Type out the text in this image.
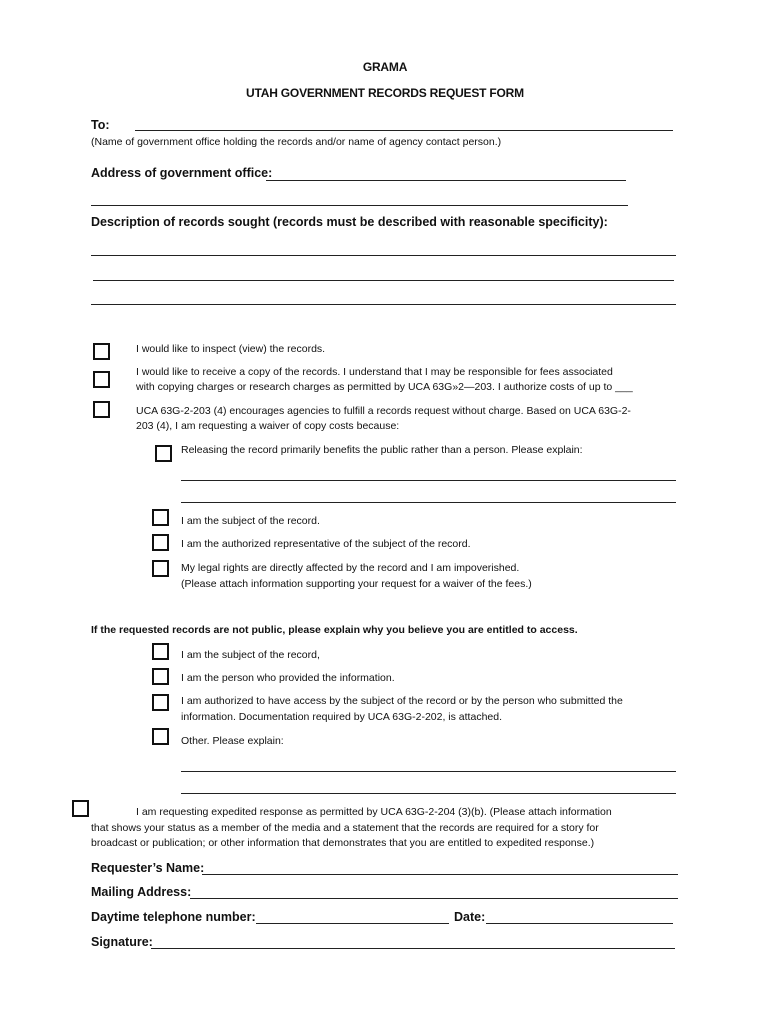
GRAMA
UTAH GOVERNMENT RECORDS REQUEST FORM
To:
(Name of government office holding the records and/or name of agency contact person.)
Address of government office:
Description of records sought (records must be described with reasonable specificity):
I would like to inspect (view) the records.
I would like to receive a copy of the records. I understand that I may be responsible for fees associated
with copying charges or research charges as permitted by UCA 63G»2—203. I authorize costs of up to ___
UCA 63G-2-203 (4) encourages agencies to fulfill a records request without charge. Based on UCA 63G-2-
203 (4), I am requesting a waiver of copy costs because:
Releasing the record primarily benefits the public rather than a person. Please explain:
I am the subject of the record.
I am the authorized representative of the subject of the record.
My legal rights are directly affected by the record and I am impoverished.
(Please attach information supporting your request for a waiver of the fees.)
If the requested records are not public, please explain why you believe you are entitled to access.
I am the subject of the record,
I am the person who provided the information.
I am authorized to have access by the subject of the record or by the person who submitted the
information. Documentation required by UCA 63G-2-202, is attached.
Other. Please explain:
I am requesting expedited response as permitted by UCA 63G-2-204 (3)(b). (Please attach information
that shows your status as a member of the media and a statement that the records are required for a story for
broadcast or publication; or other information that demonstrates that you are entitled to expedited response.)
Requester’s Name:
Mailing Address:
Daytime telephone number:	Date:
Signature:
